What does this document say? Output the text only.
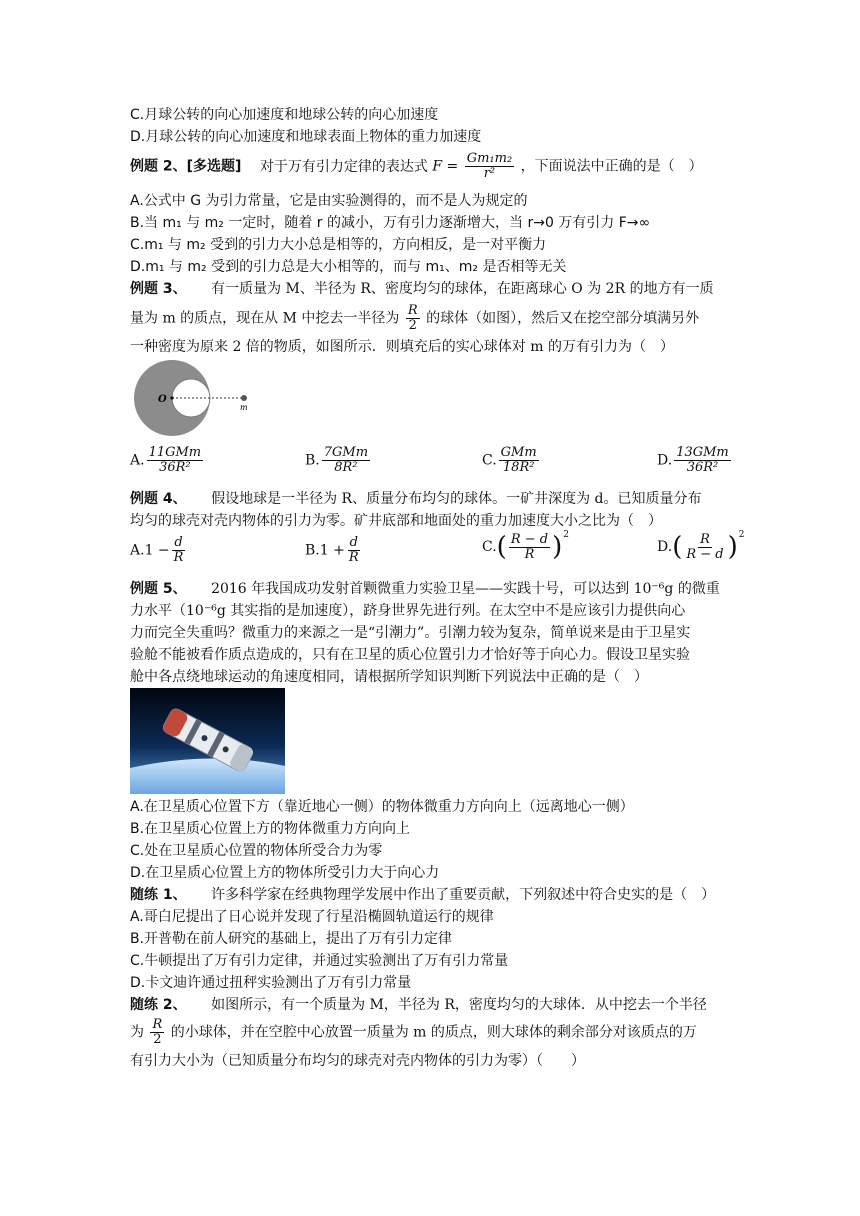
C.月球公转的向心加速度和地球公转的向心加速度
D.月球公转的向心加速度和地球表面上物体的重力加速度
例题 2、[多选题] 对于万有引力定律的表达式 $F = \frac{\text{Gm₁m₂}}{\text{r²}}$ ，下面说法中正确的是（　）
A.公式中 G 为引力常量，它是由实验测得的，而不是人为规定的
B.当 m₁ 与 m₂ 一定时，随着 r 的减小，万有引力逐渐增大，当 r→0 万有引力 F→∞
C.m₁ 与 m₂ 受到的引力大小总是相等的，方向相反，是一对平衡力
D.m₁ 与 m₂ 受到的引力总是大小相等的，而与 m₁、m₂ 是否相等无关
例题 3、 有一质量为 M、半径为 R、密度均匀的球体，在距离球心 O 为 2R 的地方有一质
量为 m 的质点，现在从 M 中挖去一半径为 $\frac{R}{2}$ 的球体（如图），然后又在挖空部分填满另外
一种密度为原来 2 倍的物质，如图所示．则填充后的实心球体对 m 的万有引力为（　）
O
m
A. $\frac{\text{11GMm}}{\text{36R²}}$	B. $\frac{\text{7GMm}}{\text{8R²}}$	C. $\frac{\text{GMm}}{\text{18R²}}$	D. $\frac{\text{13GMm}}{\text{36R²}}$
例题 4、 假设地球是一半径为 R、质量分布均匀的球体。一矿井深度为 d。已知质量分布
均匀的球壳对壳内物体的引力为零。矿井底部和地面处的重力加速度大小之比为（　）
$A.1 - \frac{d}{R}$	$B.1 + \frac{d}{R}$	$C.( \frac{R - d}{R} )^2$
$D.( \frac{R}{R - d} )^2$
例题 5、 2016 年我国成功发射首颗微重力实验卫星——实践十号，可以达到 10⁻⁶g 的微重
力水平（10⁻⁶g 其实指的是加速度），跻身世界先进行列。在太空中不是应该引力提供向心
力而完全失重吗？微重力的来源之一是“引潮力”。引潮力较为复杂，简单说来是由于卫星实
验舱不能被看作质点造成的，只有在卫星的质心位置引力才恰好等于向心力。假设卫星实验
舱中各点绕地球运动的角速度相同，请根据所学知识判断下列说法中正确的是（　）
A.在卫星质心位置下方（靠近地心一侧）的物体微重力方向向上（远离地心一侧）
B.在卫星质心位置上方的物体微重力方向向上
C.处在卫星质心位置的物体所受合力为零
D.在卫星质心位置上方的物体所受引力大于向心力
随练 1、 许多科学家在经典物理学发展中作出了重要贡献，下列叙述中符合史实的是（　）
A.哥白尼提出了日心说并发现了行星沿椭圆轨道运行的规律
B.开普勒在前人研究的基础上，提出了万有引力定律
C.牛顿提出了万有引力定律，并通过实验测出了万有引力常量
D.卡文迪许通过扭秤实验测出了万有引力常量
随练 2、 如图所示，有一个质量为 M，半径为 R，密度均匀的大球体．从中挖去一个半径
为 $\frac{R}{2}$ 的小球体，并在空腔中心放置一质量为 m 的质点，则大球体的剩余部分对该质点的万
有引力大小为（已知质量分布均匀的球壳对壳内物体的引力为零）（　　）
